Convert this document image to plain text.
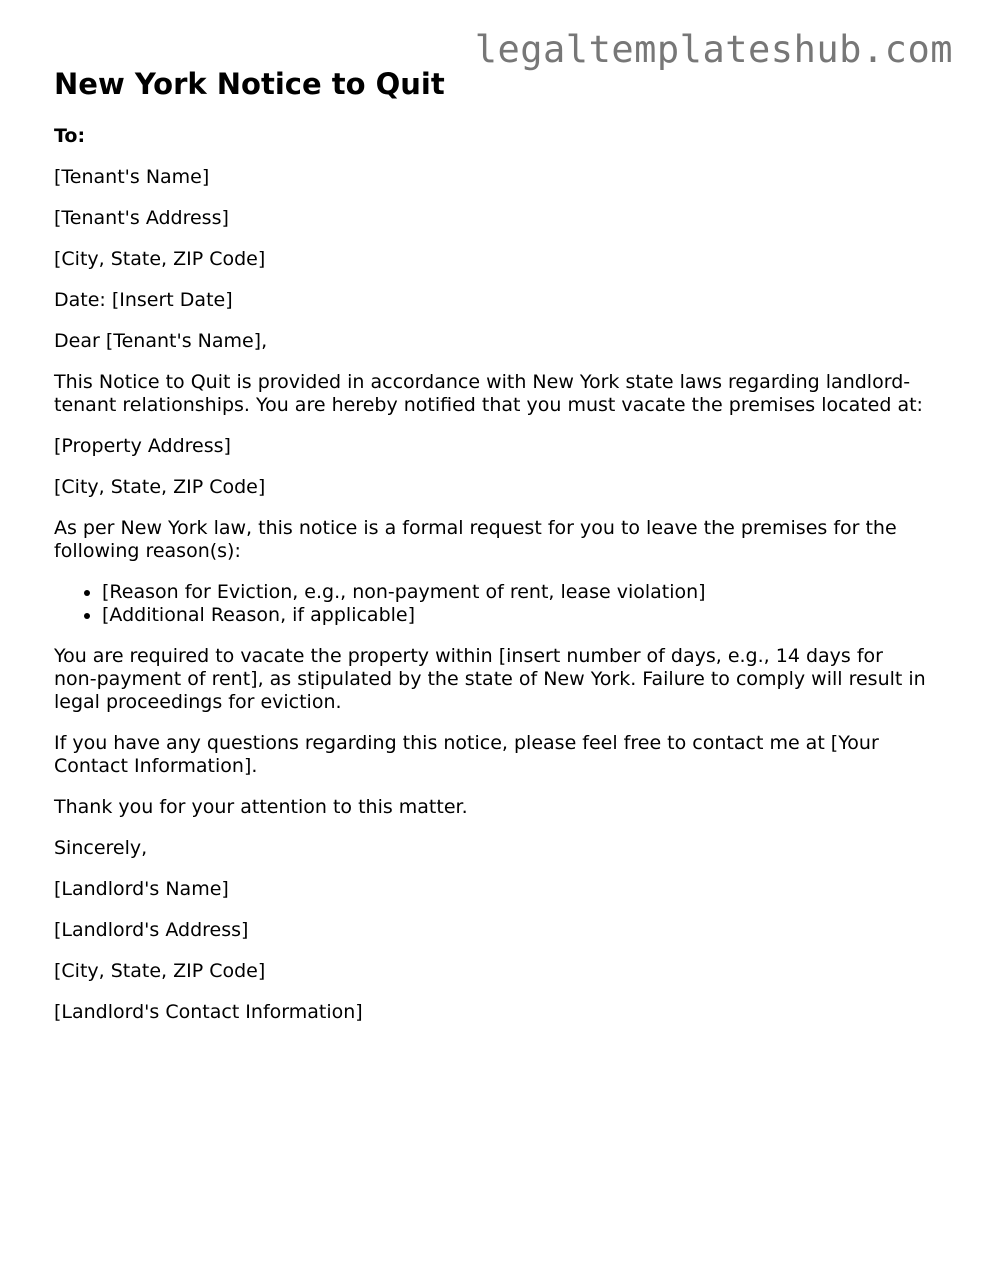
legaltemplateshub.com
New York Notice to Quit

To:

[Tenant's Name]

[Tenant's Address]

[City, State, ZIP Code]

Date: [Insert Date]

Dear [Tenant's Name],

This Notice to Quit is provided in accordance with New York state laws regarding landlord-tenant relationships. You are hereby notified that you must vacate the premises located at:

[Property Address]

[City, State, ZIP Code]

As per New York law, this notice is a formal request for you to leave the premises for the following reason(s):

• [Reason for Eviction, e.g., non-payment of rent, lease violation]
• [Additional Reason, if applicable]

You are required to vacate the property within [insert number of days, e.g., 14 days for non-payment of rent], as stipulated by the state of New York. Failure to comply will result in legal proceedings for eviction.

If you have any questions regarding this notice, please feel free to contact me at [Your Contact Information].

Thank you for your attention to this matter.

Sincerely,

[Landlord's Name]

[Landlord's Address]

[City, State, ZIP Code]

[Landlord's Contact Information]
